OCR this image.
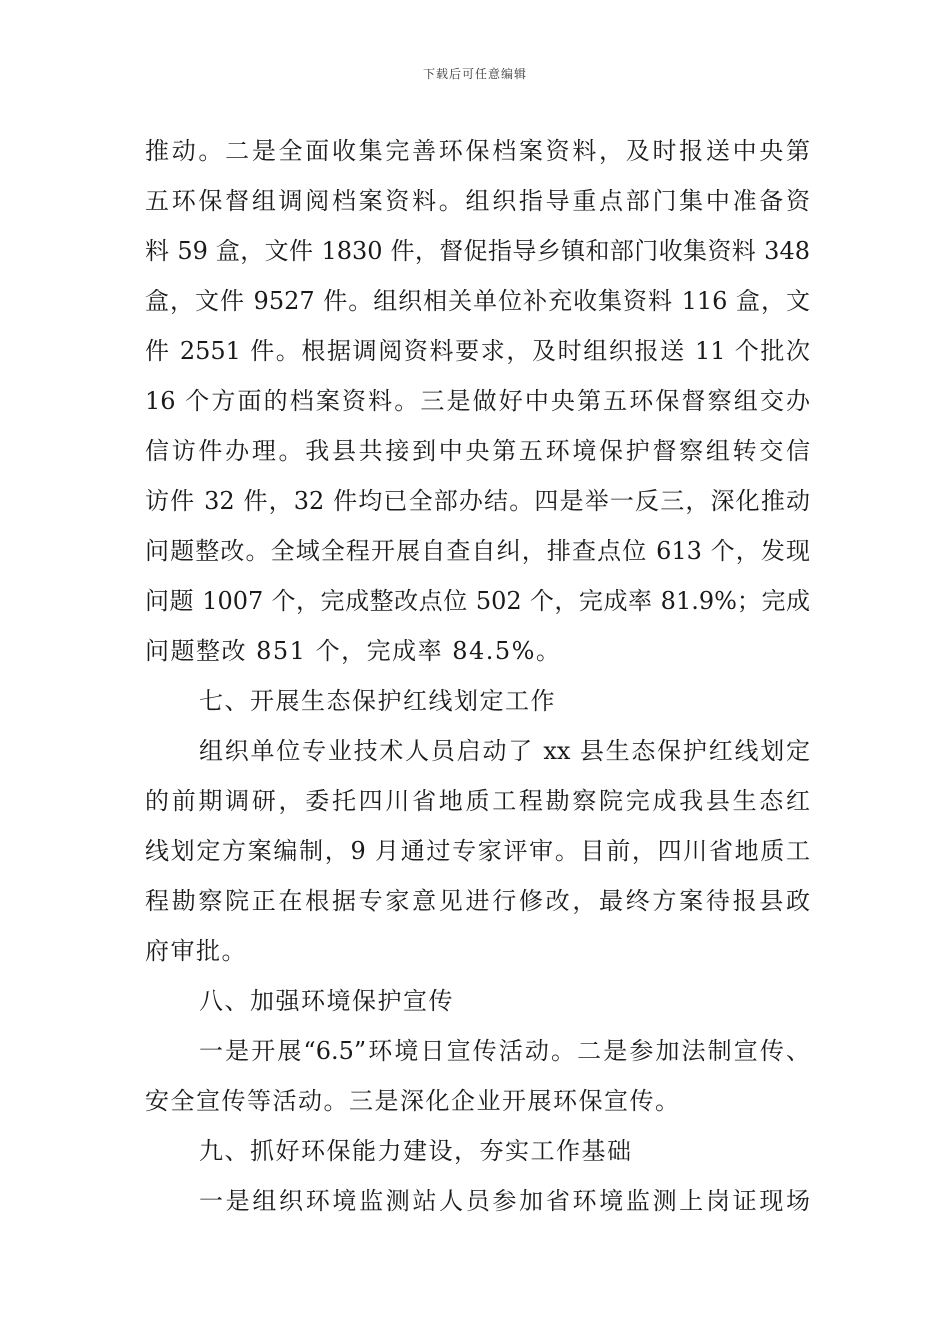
下载后可任意编辑
推动。二是全面收集完善环保档案资料，及时报送中央第
五环保督组调阅档案资料。组织指导重点部门集中准备资
料 59 盒，文件 1830 件，督促指导乡镇和部门收集资料 348
盒，文件 9527 件。组织相关单位补充收集资料 116 盒，文
件 2551 件。根据调阅资料要求，及时组织报送 11 个批次
16 个方面的档案资料。三是做好中央第五环保督察组交办
信访件办理。我县共接到中央第五环境保护督察组转交信
访件 32 件，32 件均已全部办结。四是举一反三，深化推动
问题整改。全域全程开展自查自纠，排查点位 613 个，发现
问题 1007 个，完成整改点位 502 个，完成率 81.9%；完成
问题整改 851 个，完成率 84.5%。
七、开展生态保护红线划定工作
组织单位专业技术人员启动了 xx 县生态保护红线划定
的前期调研，委托四川省地质工程勘察院完成我县生态红
线划定方案编制，9 月通过专家评审。目前，四川省地质工
程勘察院正在根据专家意见进行修改，最终方案待报县政
府审批。
八、加强环境保护宣传
一是开展“6.5”环境日宣传活动。二是参加法制宣传、
安全宣传等活动。三是深化企业开展环保宣传。
九、抓好环保能力建设，夯实工作基础
一是组织环境监测站人员参加省环境监测上岗证现场
